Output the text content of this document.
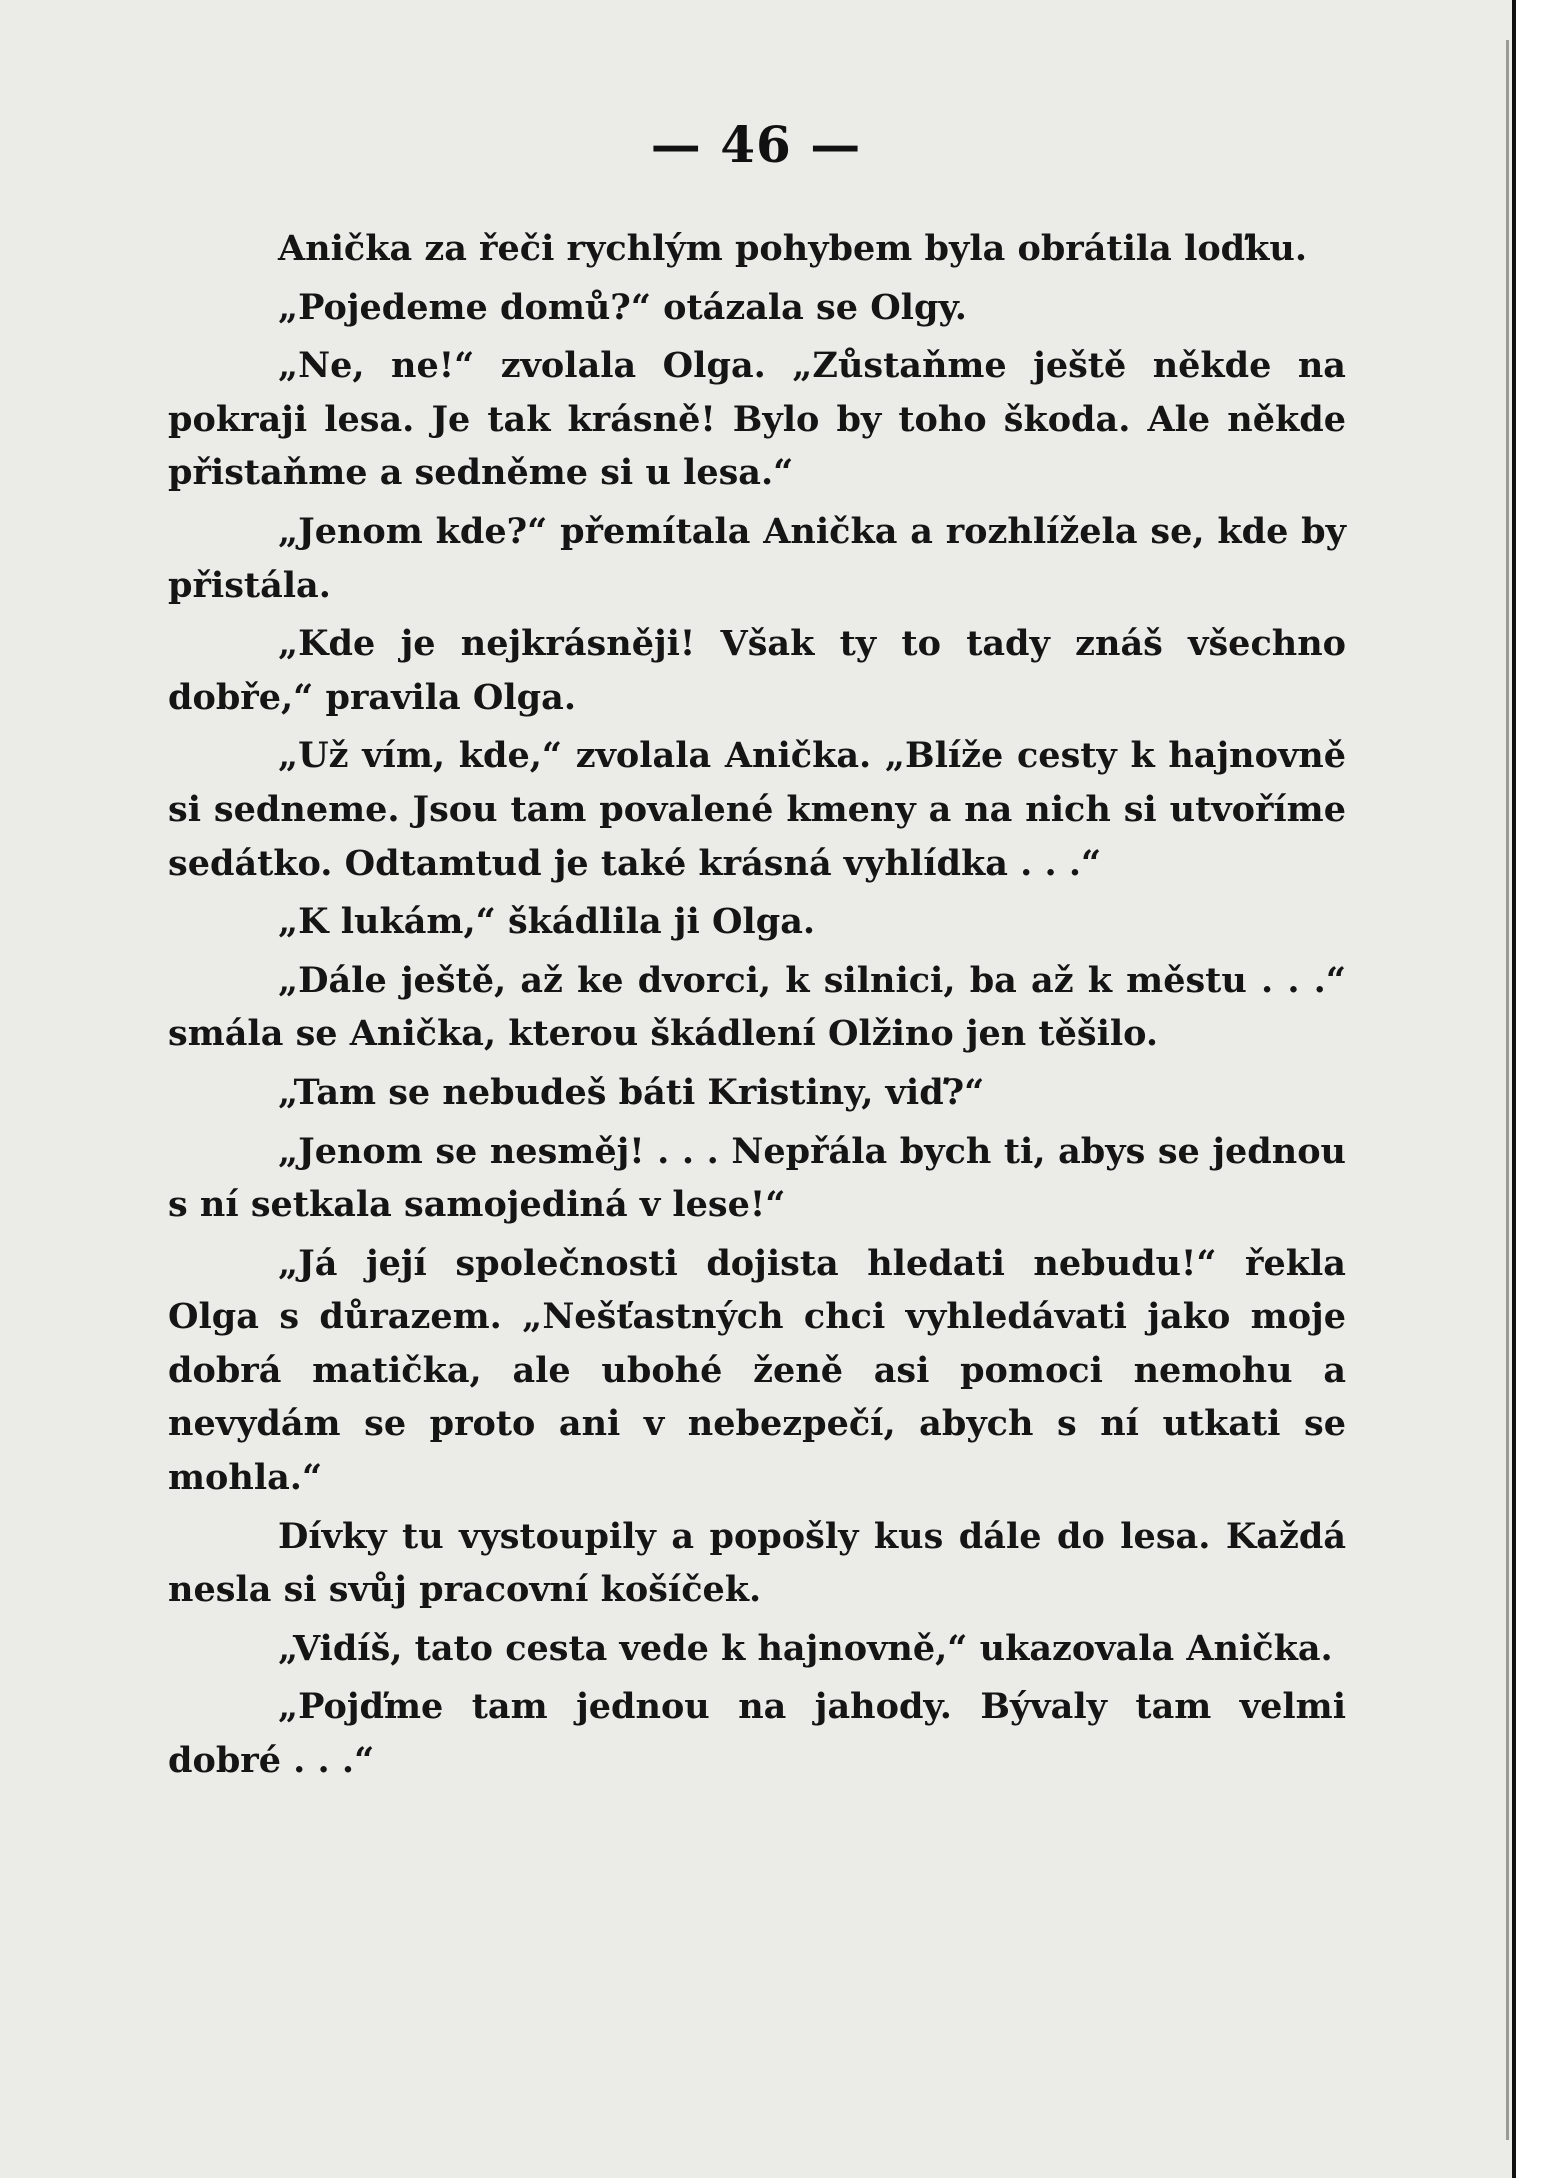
— 46 —

Anička za řeči rychlým pohybem byla obrátila loďku.

„Pojedeme domů?“ otázala se Olgy.

„Ne, ne!“ zvolala Olga. „Zůstaňme ještě někde na pokraji lesa. Je tak krásně! Bylo by toho škoda. Ale někde přistaňme a sedněme si u lesa.“

„Jenom kde?“ přemítala Anička a rozhlížela se, kde by přistála.

„Kde je nejkrásněji! Však ty to tady znáš všechno dobře,“ pravila Olga.

„Už vím, kde,“ zvolala Anička. „Blíže cesty k hajnovně si sedneme. Jsou tam povalené kmeny a na nich si utvoříme sedátko. Odtamtud je také krásná vyhlídka . . .“

„K lukám,“ škádlila ji Olga.

„Dále ještě, až ke dvorci, k silnici, ba až k městu . . .“ smála se Anička, kterou škádlení Olžino jen těšilo.

„Tam se nebudeš báti Kristiny, viď?“

„Jenom se nesměj! . . . Nepřála bych ti, abys se jednou s ní setkala samojediná v lese!“

„Já její společnosti dojista hledati nebudu!“ řekla Olga s důrazem. „Nešťastných chci vyhledávati jako moje dobrá matička, ale ubohé ženě asi pomoci nemohu a nevydám se proto ani v nebezpečí, abych s ní utkati se mohla.“

Dívky tu vystoupily a popošly kus dále do lesa. Každá nesla si svůj pracovní košíček.

„Vidíš, tato cesta vede k hajnovně,“ ukazovala Anička.

„Pojďme tam jednou na jahody. Bývaly tam velmi dobré . . .“
